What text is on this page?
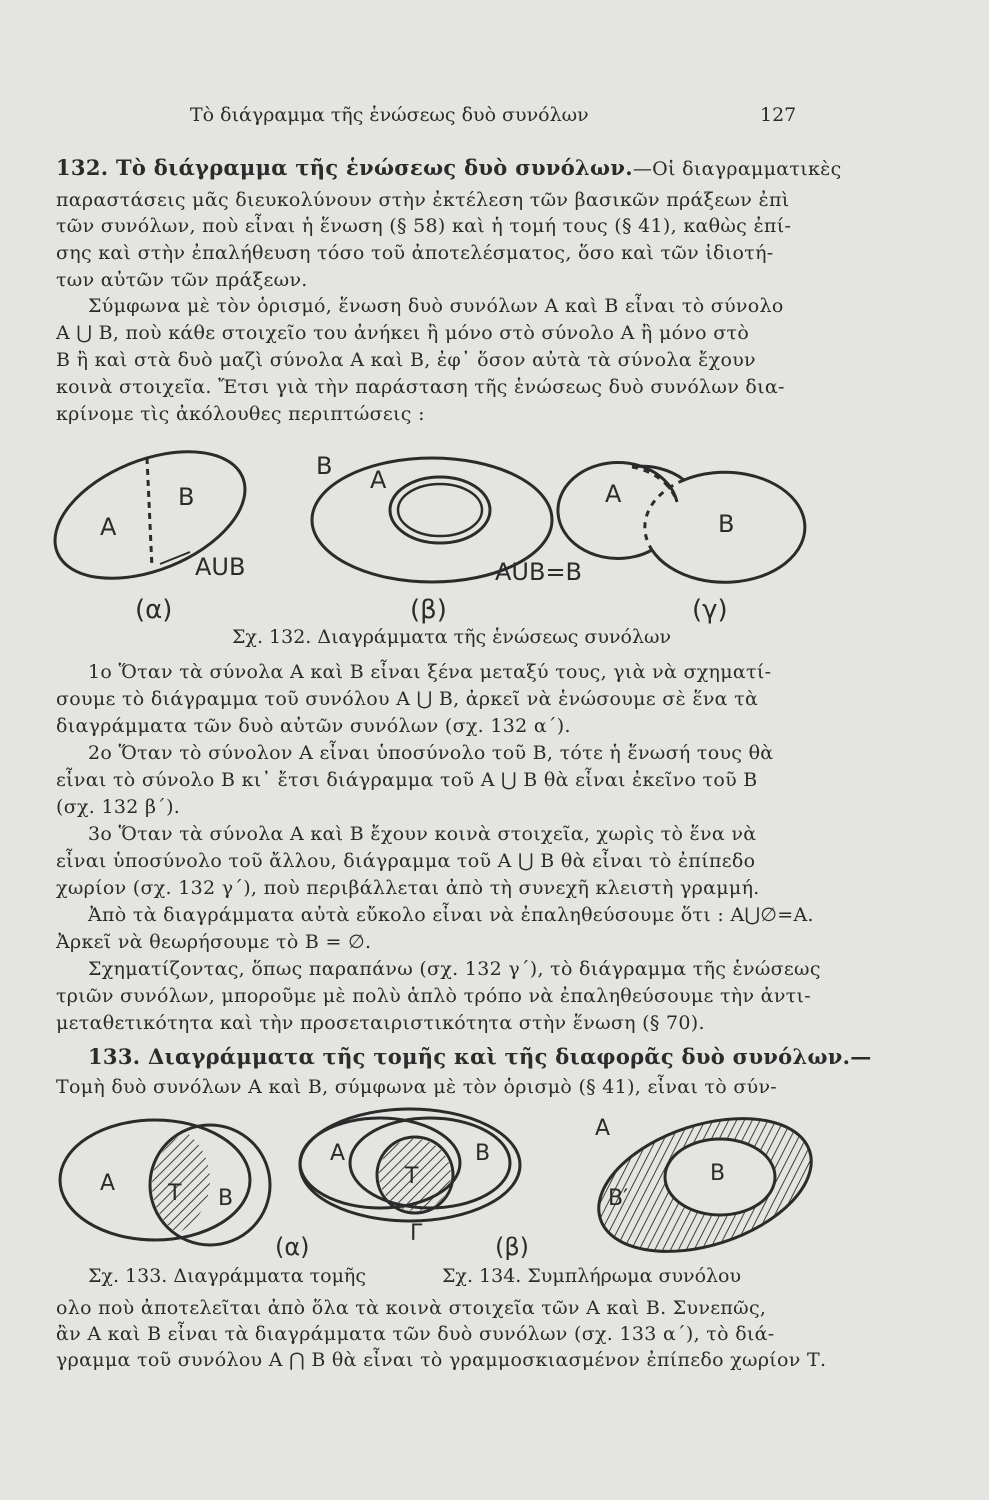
Τὸ διάγραμμα τῆς ἑνώσεως δυὸ συνόλων	127
132. Τὸ διάγραμμα τῆς ἑνώσεως δυὸ συνόλων.—Οἱ διαγραμματικὲς
παραστάσεις μᾶς διευκολύνουν στὴν ἐκτέλεση τῶν βασικῶν πράξεων ἐπὶ
τῶν συνόλων, ποὺ εἶναι ἡ ἕνωση (§ 58) καὶ ἡ τομή τους (§ 41), καθὼς ἐπί-
σης καὶ στὴν ἐπαλήθευση τόσο τοῦ ἀποτελέσματος, ὅσο καὶ τῶν ἰδιοτή-
των αὐτῶν τῶν πράξεων.
Σύμφωνα μὲ τὸν ὁρισμό, ἕνωση δυὸ συνόλων Α καὶ Β εἶναι τὸ σύνολο
Α ⋃ Β, ποὺ κάθε στοιχεῖο του ἀνήκει ἢ μόνο στὸ σύνολο Α ἢ μόνο στὸ
Β ἢ καὶ στὰ δυὸ μαζὶ σύνολα Α καὶ Β, ἐφ᾽ ὅσον αὐτὰ τὰ σύνολα ἔχουν
κοινὰ στοιχεῖα. Ἔτσι γιὰ τὴν παράσταση τῆς ἑνώσεως δυὸ συνόλων δια-
κρίνομε τὶς ἀκόλουθες περιπτώσεις :
A
B
AUB
(α)
B A
AUB=B
(β)
A
B
(γ)
Σχ. 132. Διαγράμματα τῆς ἑνώσεως συνόλων
1ο Ὅταν τὰ σύνολα Α καὶ Β εἶναι ξένα μεταξύ τους, γιὰ νὰ σχηματί-
σουμε τὸ διάγραμμα τοῦ συνόλου Α ⋃ Β, ἀρκεῖ νὰ ἑνώσουμε σὲ ἕνα τὰ
διαγράμματα τῶν δυὸ αὐτῶν συνόλων (σχ. 132 α΄).
2ο Ὅταν τὸ σύνολον Α εἶναι ὑποσύνολο τοῦ Β, τότε ἡ ἕνωσή τους θὰ
εἶναι τὸ σύνολο Β κι᾽ ἔτσι διάγραμμα τοῦ Α ⋃ Β θὰ εἶναι ἐκεῖνο τοῦ Β
(σχ. 132 β΄).
3ο Ὅταν τὰ σύνολα Α καὶ Β ἔχουν κοινὰ στοιχεῖα, χωρὶς τὸ ἕνα νὰ
εἶναι ὑποσύνολο τοῦ ἄλλου, διάγραμμα τοῦ Α ⋃ Β θὰ εἶναι τὸ ἐπίπεδο
χωρίον (σχ. 132 γ΄), ποὺ περιβάλλεται ἀπὸ τὴ συνεχῆ κλειστὴ γραμμή.
Ἀπὸ τὰ διαγράμματα αὐτὰ εὔκολο εἶναι νὰ ἐπαληθεύσουμε ὅτι : Α⋃∅=Α.
Ἀρκεῖ νὰ θεωρήσουμε τὸ Β = ∅.
Σχηματίζοντας, ὅπως παραπάνω (σχ. 132 γ΄), τὸ διάγραμμα τῆς ἑνώσεως
τριῶν συνόλων, μποροῦμε μὲ πολὺ ἁπλὸ τρόπο νὰ ἐπαληθεύσουμε τὴν ἀντι-
μεταθετικότητα καὶ τὴν προσεταιριστικότητα στὴν ἕνωση (§ 70).
133. Διαγράμματα τῆς τομῆς καὶ τῆς διαφορᾶς δυὸ συνόλων.—
Τομὴ δυὸ συνόλων Α καὶ Β, σύμφωνα μὲ τὸν ὁρισμὸ (§ 41), εἶναι τὸ σύν-
A T B
(α)
A
T
B
Γ	(β)
A
B
B′
Σχ. 133. Διαγράμματα τομῆς	Σχ. 134. Συμπλήρωμα συνόλου
ολο ποὺ ἀποτελεῖται ἀπὸ ὅλα τὰ κοινὰ στοιχεῖα τῶν Α καὶ Β. Συνεπῶς,
ἂν Α καὶ Β εἶναι τὰ διαγράμματα τῶν δυὸ συνόλων (σχ. 133 α΄), τὸ διά-
γραμμα τοῦ συνόλου Α ⋂ Β θὰ εἶναι τὸ γραμμοσκιασμένον ἐπίπεδο χωρίον Τ.
